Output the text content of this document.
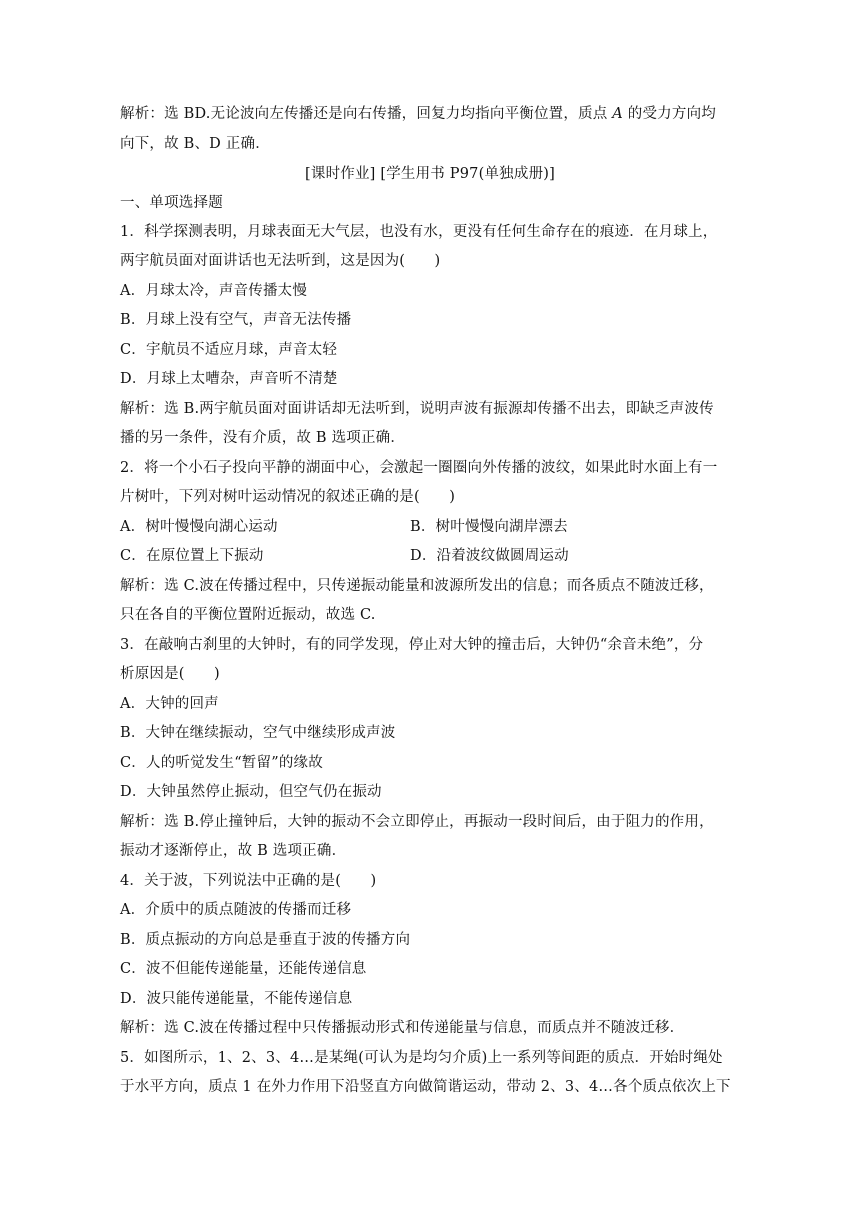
解析：选 BD.无论波向左传播还是向右传播，回复力均指向平衡位置，质点 A 的受力方向均
向下，故 B、D 正确．
[课时作业] [学生用书 P97(单独成册)]
一、单项选择题
1．科学探测表明，月球表面无大气层，也没有水，更没有任何生命存在的痕迹．在月球上，
两宇航员面对面讲话也无法听到，这是因为(　　)
A．月球太冷，声音传播太慢
B．月球上没有空气，声音无法传播
C．宇航员不适应月球，声音太轻
D．月球上太嘈杂，声音听不清楚
解析：选 B.两宇航员面对面讲话却无法听到，说明声波有振源却传播不出去，即缺乏声波传
播的另一条件，没有介质，故 B 选项正确．
2．将一个小石子投向平静的湖面中心，会激起一圈圈向外传播的波纹，如果此时水面上有一
片树叶，下列对树叶运动情况的叙述正确的是(　　)
A．树叶慢慢向湖心运动	B．树叶慢慢向湖岸漂去
C．在原位置上下振动	D．沿着波纹做圆周运动
解析：选 C.波在传播过程中，只传递振动能量和波源所发出的信息；而各质点不随波迁移，
只在各自的平衡位置附近振动，故选 C.
3．在敲响古刹里的大钟时，有的同学发现，停止对大钟的撞击后，大钟仍“余音未绝”，分
析原因是(　　)
A．大钟的回声
B．大钟在继续振动，空气中继续形成声波
C．人的听觉发生“暂留”的缘故
D．大钟虽然停止振动，但空气仍在振动
解析：选 B.停止撞钟后，大钟的振动不会立即停止，再振动一段时间后，由于阻力的作用，
振动才逐渐停止，故 B 选项正确．
4．关于波，下列说法中正确的是(　　)
A．介质中的质点随波的传播而迁移
B．质点振动的方向总是垂直于波的传播方向
C．波不但能传递能量，还能传递信息
D．波只能传递能量，不能传递信息
解析：选 C.波在传播过程中只传播振动形式和传递能量与信息，而质点并不随波迁移．
5．如图所示，1、2、3、4…是某绳(可认为是均匀介质)上一系列等间距的质点．开始时绳处
于水平方向，质点 1 在外力作用下沿竖直方向做简谐运动，带动 2、3、4…各个质点依次上下
